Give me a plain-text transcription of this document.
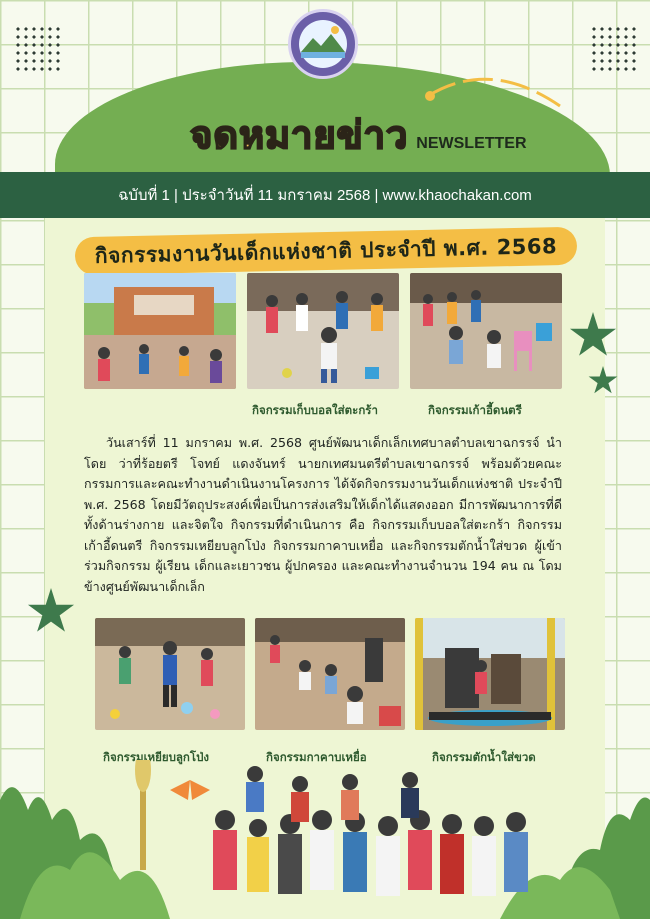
จดหมายข่าว NEWSLETTER
ฉบับที่ 1 | ประจำวันที่ 11 มกราคม 2568 | www.khaochakan.com
กิจกรรมงานวันเด็กแห่งชาติ ประจำปี พ.ศ. 2568
กิจกรรมเก็บบอลใส่ตะกร้า	กิจกรรมเก้าอี้ดนตรี

วันเสาร์ที่ 11 มกราคม พ.ศ. 2568 ศูนย์พัฒนาเด็กเล็กเทศบาลตำบลเขาฉกรรจ์ นำโดย ว่าที่ร้อยตรี โจทย์ แดงจันทร์ นายกเทศมนตรีตำบลเขาฉกรรจ์ พร้อมด้วยคณะกรรมการและคณะทำงานดำเนินงานโครงการ ได้จัดกิจกรรมงานวันเด็กแห่งชาติ ประจำปี พ.ศ. 2568 โดยมีวัตถุประสงค์เพื่อเป็นการส่งเสริมให้เด็กได้แสดงออก มีการพัฒนาการที่ดีทั้งด้านร่างกาย และจิตใจ กิจกรรมที่ดำเนินการ คือ กิจกรรมเก็บบอลใส่ตะกร้า กิจกรรมเก้าอี้ดนตรี กิจกรรมเหยียบลูกโป่ง กิจกรรมกาคาบเหยื่อ และกิจกรรมตักน้ำใส่ขวด ผู้เข้าร่วมกิจกรรม ผู้เรียน เด็กและเยาวชน ผู้ปกครอง และคณะทำงานจำนวน 194 คน ณ โดมข้างศูนย์พัฒนาเด็กเล็ก

กิจกรรมเหยียบลูกโป่ง	กิจกรรมกาคาบเหยื่อ	กิจกรรมตักน้ำใส่ขวด
